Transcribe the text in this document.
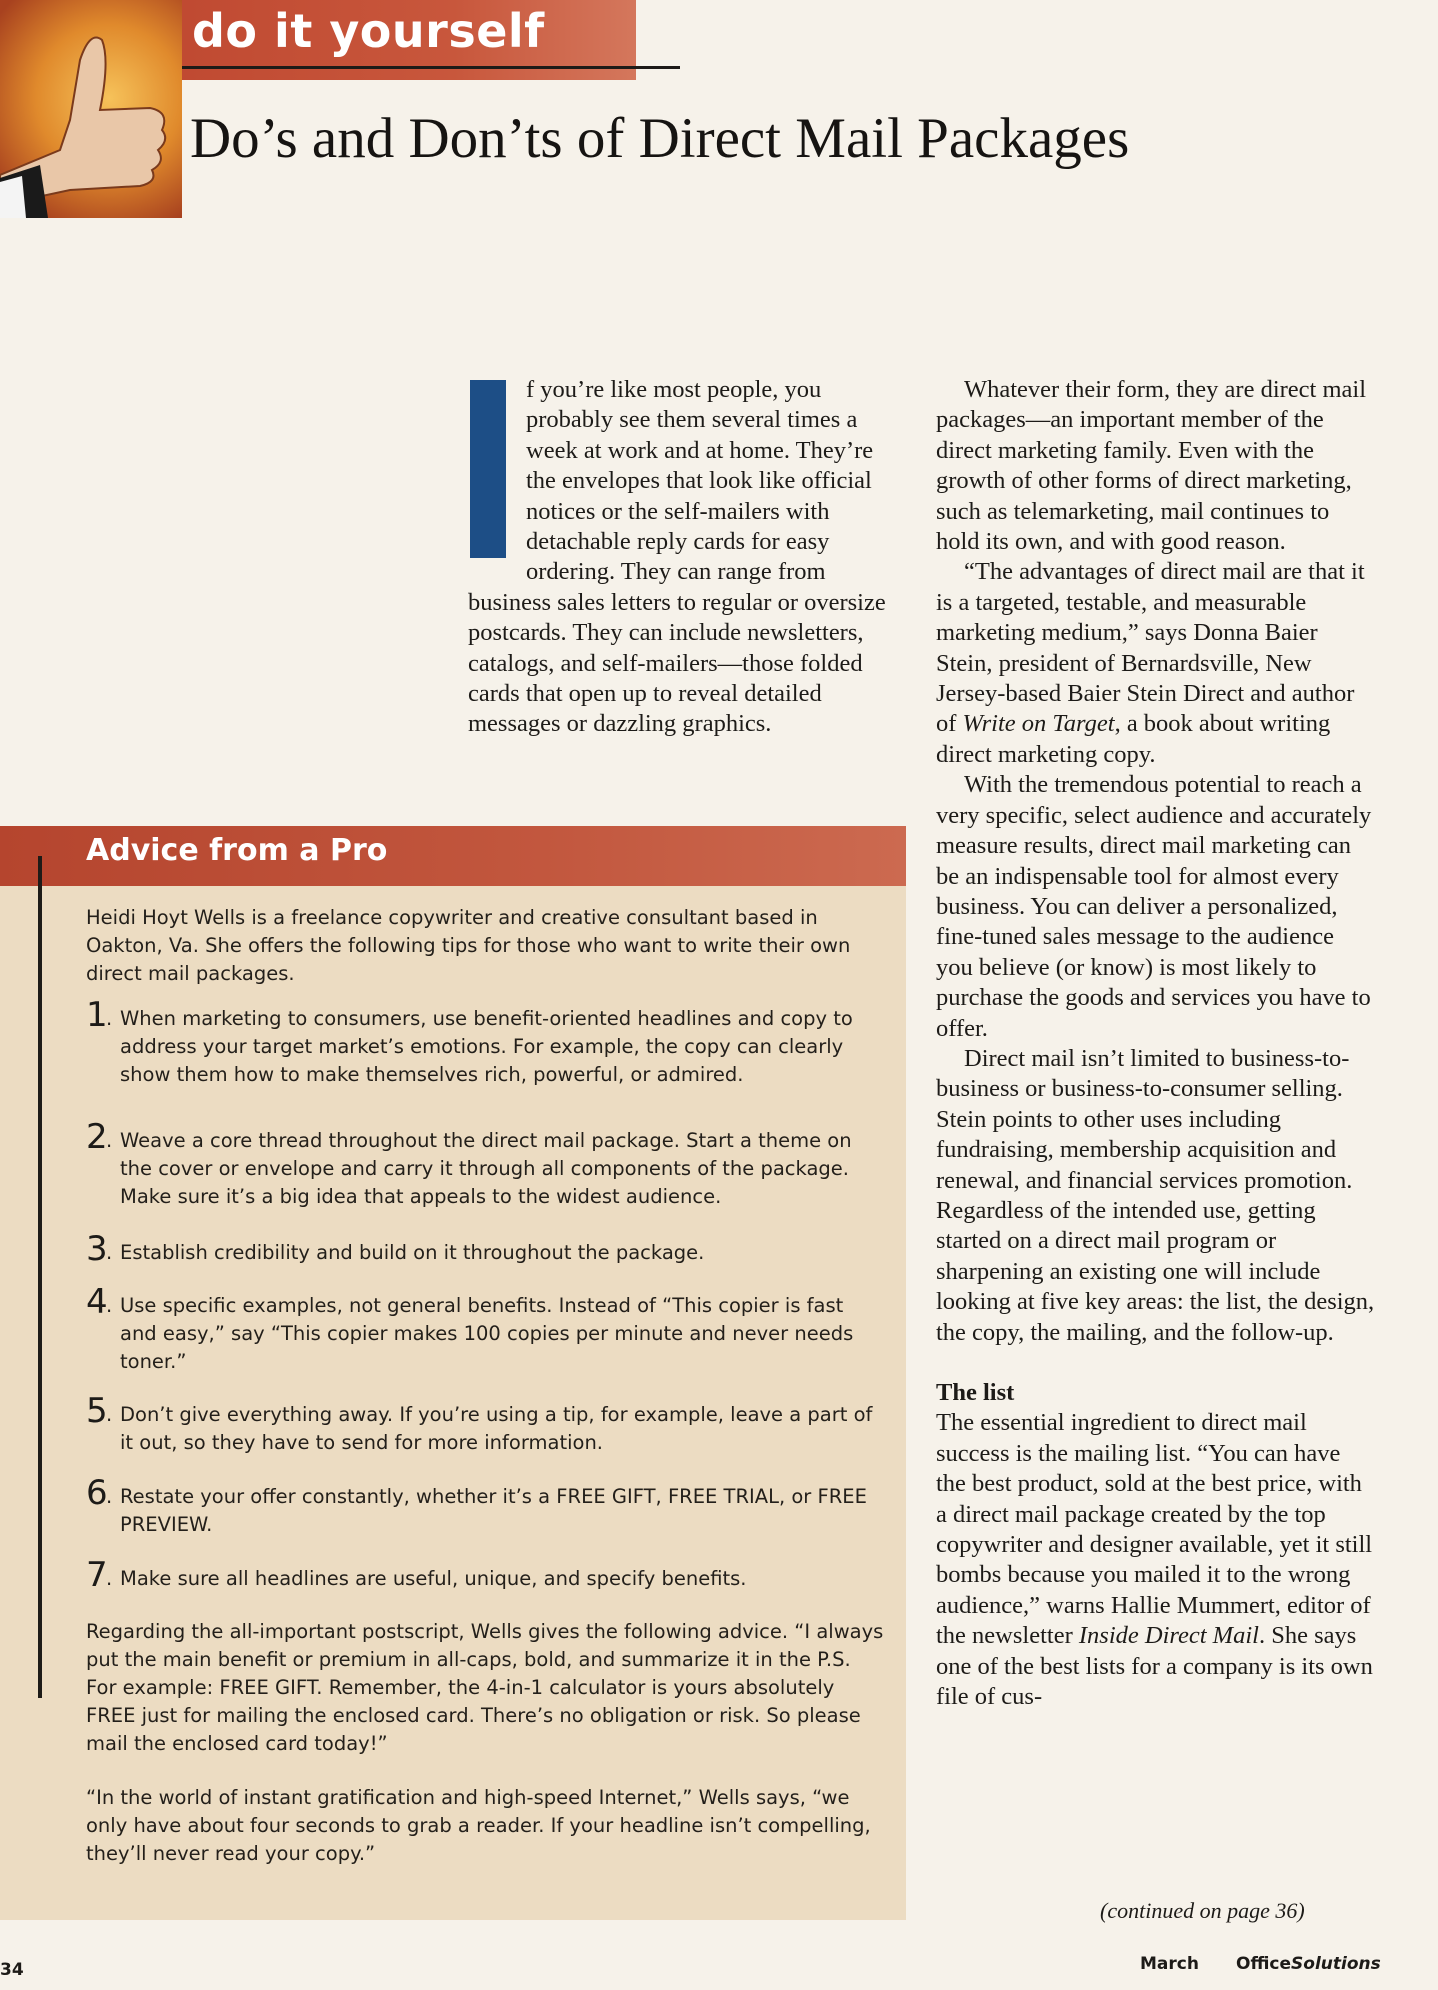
do it yourself
Do’s and Don’ts of Direct Mail Packages

f you’re like most people, you probably see them several times a week at work and at home. They’re the envelopes that look like official notices or the self-mailers with detachable reply cards for easy ordering. They can range from business sales letters to regular or oversize postcards. They can include newsletters, catalogs, and self-mailers—those folded cards that open up to reveal detailed messages or dazzling graphics.

Whatever their form, they are direct mail packages—an important member of the direct marketing family. Even with the growth of other forms of direct marketing, such as telemarketing, mail continues to hold its own, and with good reason.

“The advantages of direct mail are that it is a targeted, testable, and measurable marketing medium,” says Donna Baier Stein, president of Bernardsville, New Jersey-based Baier Stein Direct and author of Write on Target, a book about writing direct marketing copy.

With the tremendous potential to reach a very specific, select audience and accurately measure results, direct mail marketing can be an indispensable tool for almost every business. You can deliver a personalized, fine-tuned sales message to the audience you believe (or know) is most likely to purchase the goods and services you have to offer.

Direct mail isn’t limited to business-to-business or business-to-consumer selling. Stein points to other uses including fundraising, membership acquisition and renewal, and financial services promotion. Regardless of the intended use, getting started on a direct mail program or sharpening an existing one will include looking at five key areas: the list, the design, the copy, the mailing, and the follow-up.

The list

The essential ingredient to direct mail success is the mailing list. “You can have the best product, sold at the best price, with a direct mail package created by the top copywriter and designer available, yet it still bombs because you mailed it to the wrong audience,” warns Hallie Mummert, editor of the newsletter Inside Direct Mail. She says one of the best lists for a company is its own file of cus-

(continued on page 36)
Advice from a Pro

Heidi Hoyt Wells is a freelance copywriter and creative consultant based in Oakton, Va. She offers the following tips for those who want to write their own direct mail packages.

1
. When marketing to consumers, use benefit-oriented headlines and copy to address your target market’s emotions. For example, the copy can clearly show them how to make themselves rich, powerful, or admired.
2
. Weave a core thread throughout the direct mail package. Start a theme on the cover or envelope and carry it through all components of the package. Make sure it’s a big idea that appeals to the widest audience.
3
. Establish credibility and build on it throughout the package.
4
. Use specific examples, not general benefits. Instead of “This copier is fast and easy,” say “This copier makes 100 copies per minute and never needs toner.”
5
. Don’t give everything away. If you’re using a tip, for example, leave a part of it out, so they have to send for more information.
6
. Restate your offer constantly, whether it’s a FREE GIFT, FREE TRIAL, or FREE PREVIEW.
7
. Make sure all headlines are useful, unique, and specify benefits.

Regarding the all-important postscript, Wells gives the following advice. “I always put the main benefit or premium in all-caps, bold, and summarize it in the P.S. For example: FREE GIFT. Remember, the 4-in-1 calculator is yours absolutely FREE just for mailing the enclosed card. There’s no obligation or risk. So please mail the enclosed card today!”

“In the world of instant gratification and high-speed Internet,” Wells says, “we only have about four seconds to grab a reader. If your headline isn’t compelling, they’ll never read your copy.”

34	March OfficeSolutions
